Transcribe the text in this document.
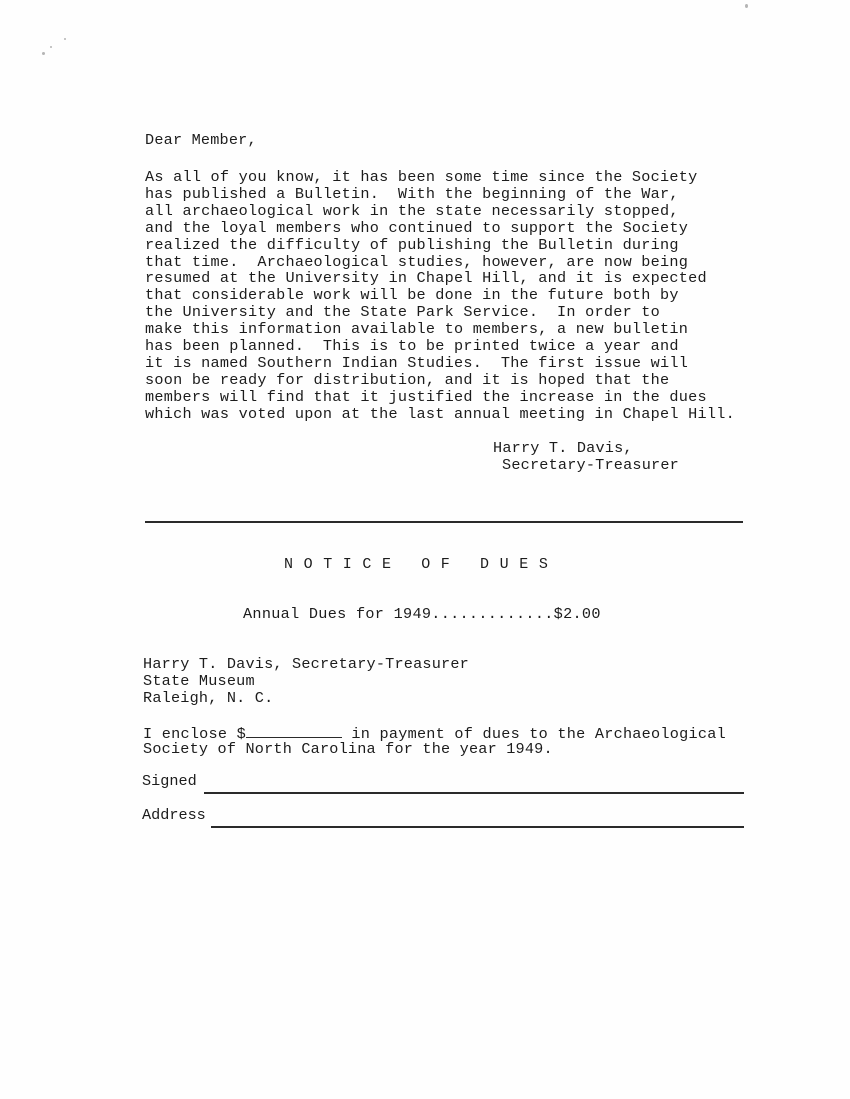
Dear Member,
As all of you know, it has been some time since the Society
has published a Bulletin.  With the beginning of the War,
all archaeological work in the state necessarily stopped,
and the loyal members who continued to support the Society
realized the difficulty of publishing the Bulletin during
that time.  Archaeological studies, however, are now being
resumed at the University in Chapel Hill, and it is expected
that considerable work will be done in the future both by
the University and the State Park Service.  In order to
make this information available to members, a new bulletin
has been planned.  This is to be printed twice a year and
it is named Southern Indian Studies.  The first issue will
soon be ready for distribution, and it is hoped that the
members will find that it justified the increase in the dues
which was voted upon at the last annual meeting in Chapel Hill.
Harry T. Davis,
Secretary-Treasurer
NOTICE OF DUES
Annual Dues for 1949.............$2.00
Harry T. Davis, Secretary-Treasurer
State Museum
Raleigh, N. C.
I enclose $	in payment of dues to the Archaeological
Society of North Carolina for the year 1949.
Signed
Address
